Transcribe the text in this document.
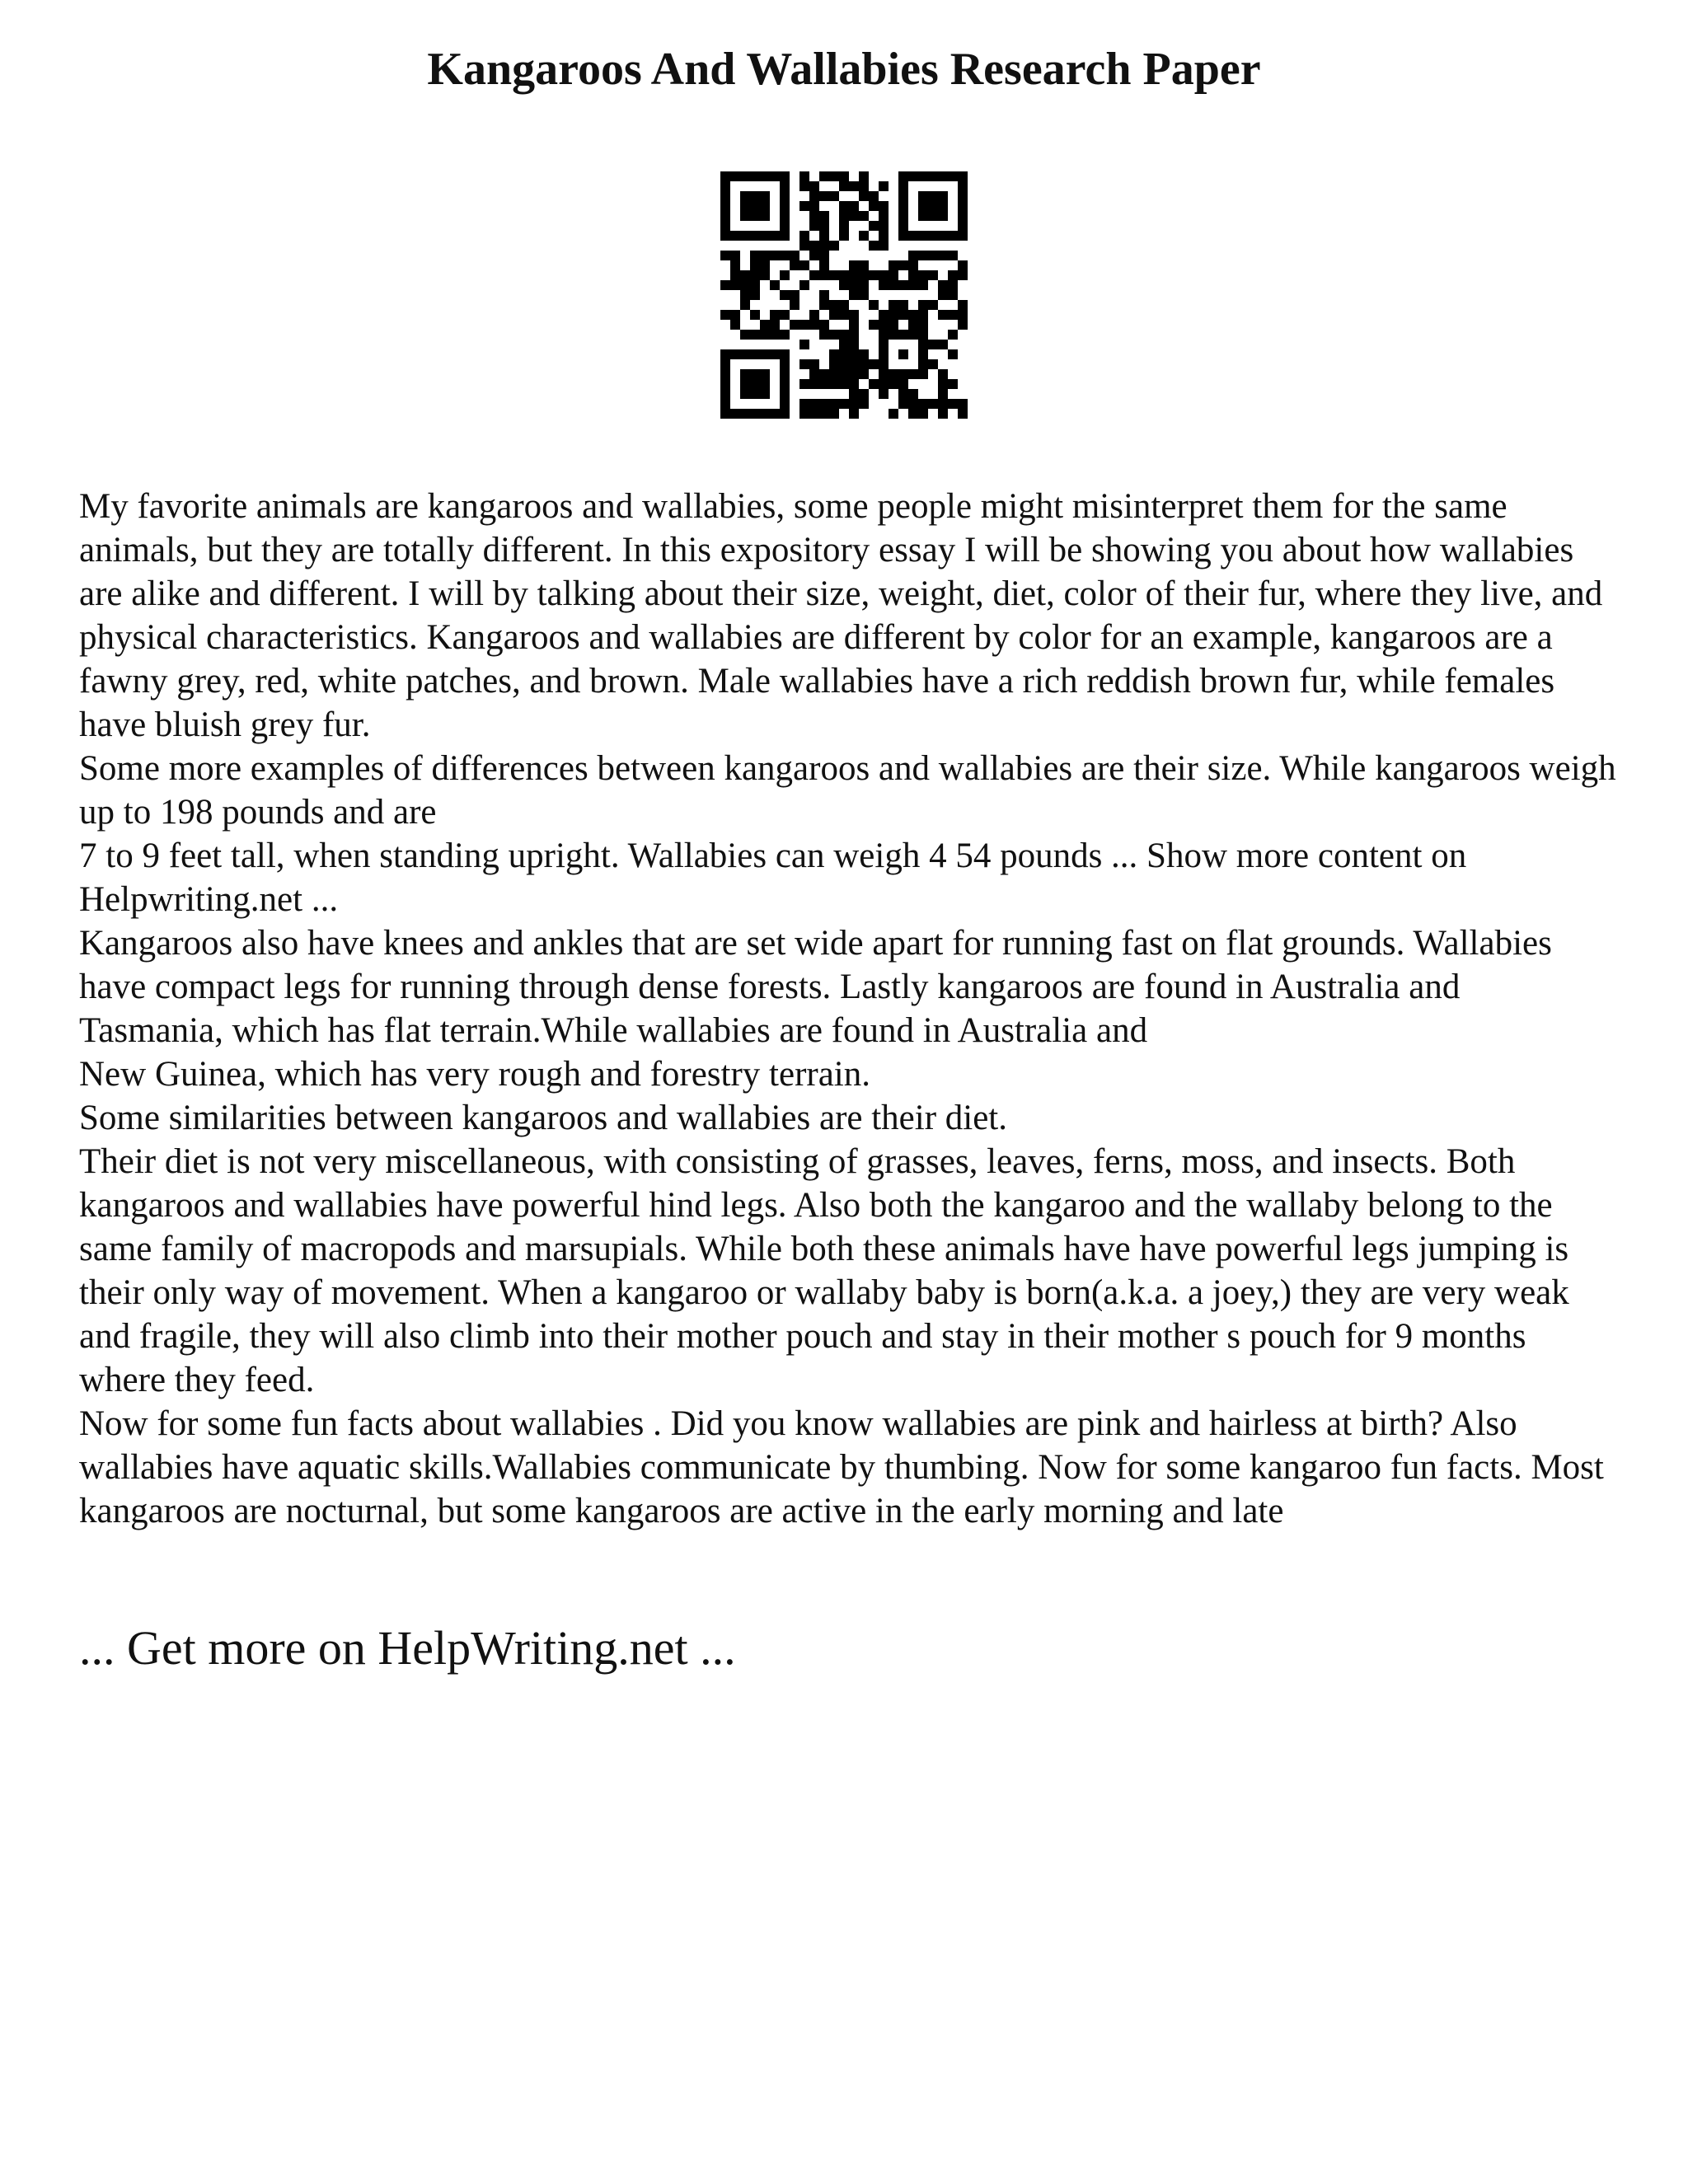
Kangaroos And Wallabies Research Paper

My favorite animals are kangaroos and wallabies, some people might misinterpret them for the same animals, but they are totally different. In this expository essay I will be showing you about how wallabies are alike and different. I will by talking about their size, weight, diet, color of their fur, where they live, and physical characteristics. Kangaroos and wallabies are different by color for an example, kangaroos are a fawny grey, red, white patches, and brown. Male wallabies have a rich reddish brown fur, while females have bluish grey fur.

Some more examples of differences between kangaroos and wallabies are their size. While kangaroos weigh up to 198 pounds and are
7 to 9 feet tall, when standing upright. Wallabies can weigh 4 54 pounds ... Show more content on Helpwriting.net ...

Kangaroos also have knees and ankles that are set wide apart for running fast on flat grounds. Wallabies have compact legs for running through dense forests. Lastly kangaroos are found in Australia and
Tasmania, which has flat terrain.While wallabies are found in Australia and
New Guinea, which has very rough and forestry terrain.

Some similarities between kangaroos and wallabies are their diet.
Their diet is not very miscellaneous, with consisting of grasses, leaves, ferns, moss, and insects. Both kangaroos and wallabies have powerful hind legs. Also both the kangaroo and the wallaby belong to the same family of macropods and marsupials. While both these animals have have powerful legs jumping is their only way of movement. When a kangaroo or wallaby baby is born(a.k.a. a joey,) they are very weak and fragile, they will also climb into their mother pouch and stay in their mother s pouch for 9 months where they feed.

Now for some fun facts about wallabies . Did you know wallabies are pink and hairless at birth? Also wallabies have aquatic skills.Wallabies communicate by thumbing. Now for some kangaroo fun facts. Most kangaroos are nocturnal, but some kangaroos are active in the early morning and late

... Get more on HelpWriting.net ...
